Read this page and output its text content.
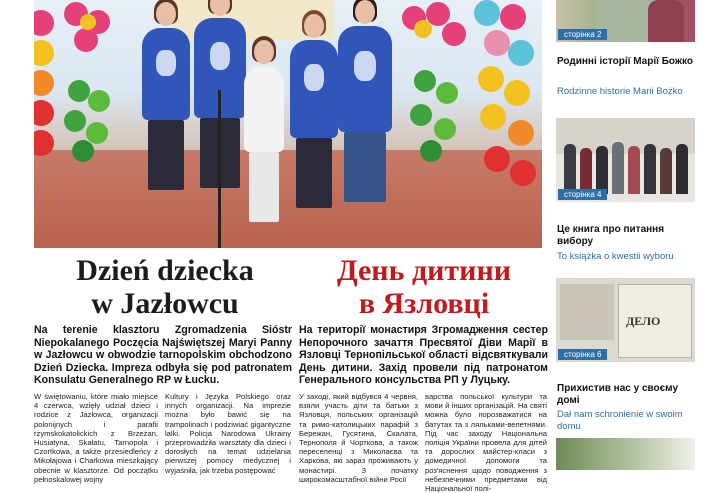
Dzień dziecka
w Jazłowcu
День дитини
в Язловці
Na terenie klasztoru Zgromadzenia Sióstr Niepokalanego Poczęcia Najświętszej Maryi Panny w Jazłowcu w obwodzie tarnopolskim obchodzono Dzień Dziecka. Impreza odbyła się pod patronatem Konsulatu Generalnego RP w Łucku.
На території монастиря Згромадження сестер Непорочного зачаття Пресвятої Діви Марії в Язловці Тернопільської області відсвяткували День дитини. Захід провели під патронатом Генерального консульства РП у Луцьку.
W świętowaniu, które miało miejsce 4 czerwca, wzięły udział dzieci i rodzice z Jazłowca, organizacji polonijnych i parafii rzymskokatolickich z Brzeżan, Husiatyna, Skałatu, Tarnopola i Czortkowa, a także przesiedleńcy z Mikołajowa i Charkowa mieszkający obecnie w klasztorze. Od początku pełnoskalowej wojny
Kultury i Języka Polskiego oraz innych organizacji. Na imprezie można było bawić się na trampolinach i podziwiać gigantyczne lalki. Policja Narodowa Ukrainy przeprowadziła warsztaty dla dzieci i dorosłych na temat udzielania pierwszej pomocy medycznej i wyjaśniła, jak trzeba postępować
У заході, який відбувся 4 червня, взяли участь діти та батьки з Язловця, польських організацій та римо-католицьких парафій з Бережан, Гусятина, Скалата, Тернополя й Чорткова, а також переселенці з Миколаєва та Харкова, які зараз проживають у монастирі. З початку широкомасштабної війни Росії
варства польської культури та мови й інших організацій. На святі можна було порозважатися на батутах та з ляльками-велетнями. Під час заходу Національна поліція України провела для дітей та дорослих майстер-класи з домедичної допомоги та роз'яснення щодо поводження з небезпечними предметами від Національної полі-
сторінка 2
Родинні історії Марії Божко
Rodzinne historie Marii Bożko
сторінка 4
Це книга про питання вибору
To książka o kwestii wyboru
ДЕЛО
сторінка 6
Прихистив нас у своєму домі
Dał nam schronienie w swoim domu
